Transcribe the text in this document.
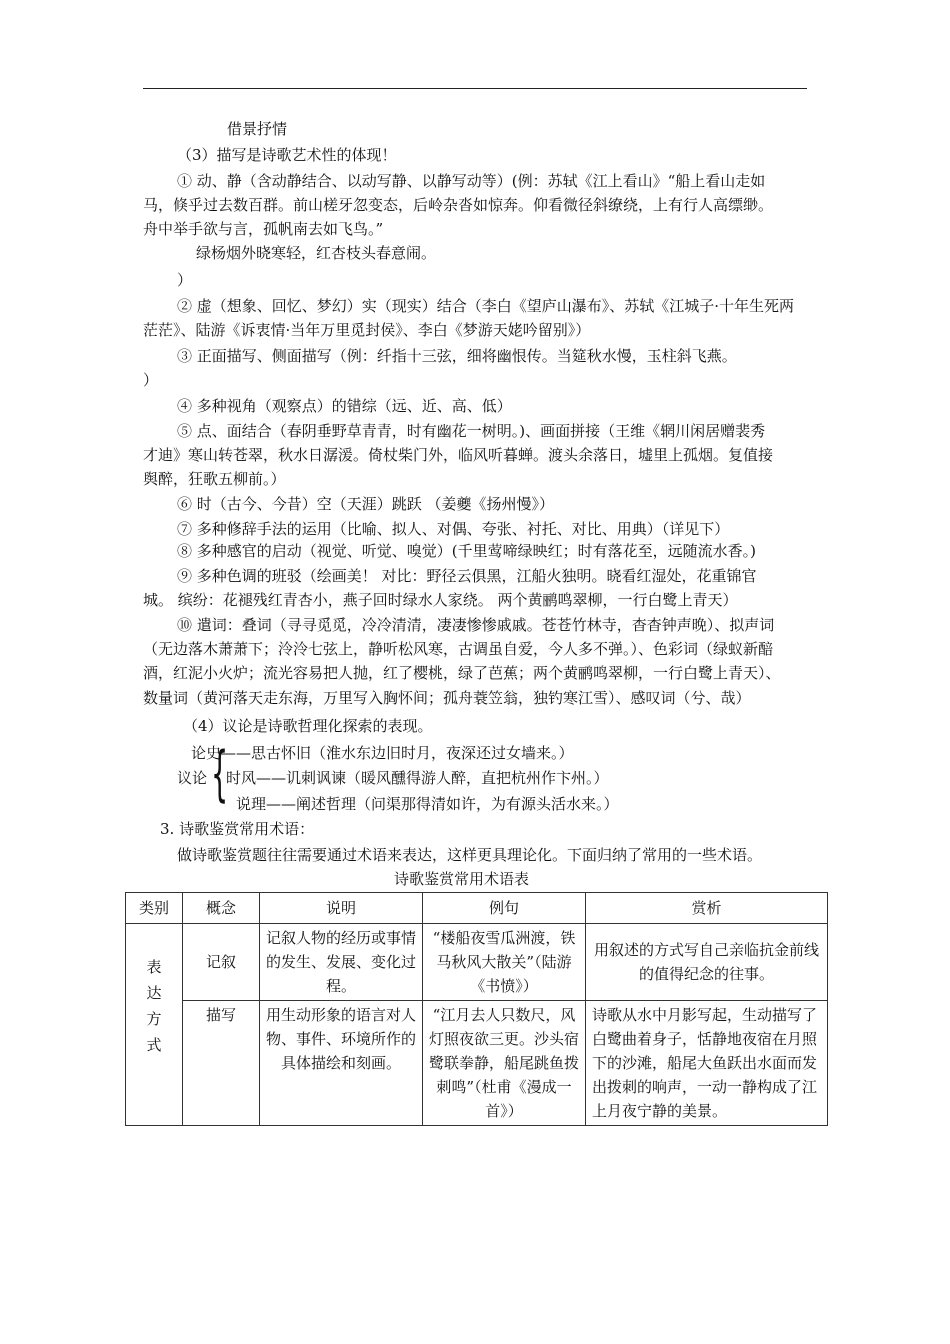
借景抒情
（3）描写是诗歌艺术性的体现！
① 动、静（含动静结合、以动写静、以静写动等）(例：苏轼《江上看山》“船上看山走如
马，倏乎过去数百群。前山槎牙忽变态，后岭杂沓如惊奔。仰看微径斜缭绕，上有行人高缥缈。
舟中举手欲与言，孤帆南去如飞鸟。”
绿杨烟外晓寒轻，红杏枝头春意闹。
）
② 虚（想象、回忆、梦幻）实（现实）结合（李白《望庐山瀑布》、苏轼《江城子·十年生死两
茫茫》、陆游《诉衷情·当年万里觅封侯》、李白《梦游天姥吟留别》）
③ 正面描写、侧面描写（例：纤指十三弦，细将幽恨传。当筵秋水慢，玉柱斜飞燕。
）
④ 多种视角（观察点）的错综（远、近、高、低）
⑤ 点、面结合（春阴垂野草青青，时有幽花一树明。)、画面拼接（王维《辋川闲居赠裴秀
才迪》寒山转苍翠，秋水日潺湲。倚杖柴门外，临风听暮蝉。渡头余落日，墟里上孤烟。复值接
舆醉，狂歌五柳前。）
⑥ 时（古今、今昔）空（天涯）跳跃 （姜夔《扬州慢》）
⑦ 多种修辞手法的运用（比喻、拟人、对偶、夸张、衬托、对比、用典）（详见下）
⑧ 多种感官的启动（视觉、听觉、嗅觉）(千里莺啼绿映红；时有落花至，远随流水香。)
⑨ 多种色调的班驳（绘画美！ 对比：野径云俱黑，江船火独明。晓看红湿处，花重锦官
城。 缤纷：花褪残红青杏小，燕子回时绿水人家绕。 两个黄鹂鸣翠柳，一行白鹭上青天）
⑩ 遣词：叠词（寻寻觅觅，冷冷清清，凄凄惨惨戚戚。苍苍竹林寺，杳杳钟声晚）、拟声词
（无边落木萧萧下；泠泠七弦上，静听松风寒，古调虽自爱，今人多不弹。）、色彩词（绿蚁新醅
酒，红泥小火炉；流光容易把人抛，红了樱桃，绿了芭蕉；两个黄鹂鸣翠柳，一行白鹭上青天）、
数量词（黄河落天走东海，万里写入胸怀间；孤舟蓑笠翁，独钓寒江雪）、感叹词（兮、哉）
（4）议论是诗歌哲理化探索的表现。
论史——思古怀旧（淮水东边旧时月，夜深还过女墙来。）
议论 {
时风——讥刺讽谏（暖风醺得游人醉，直把杭州作卞州。）
说理——阐述哲理（问渠那得清如许，为有源头活水来。）
3. 诗歌鉴赏常用术语：
做诗歌鉴赏题往往需要通过术语来表达，这样更具理论化。下面归纳了常用的一些术语。
诗歌鉴赏常用术语表
类别	概念	说明	例句	赏析
表达方式	记叙	记叙人物的经历或事情的发生、发展、变化过程。	“楼船夜雪瓜洲渡，铁马秋风大散关”（陆游《书愤》）	用叙述的方式写自己亲临抗金前线的值得纪念的往事。
	描写	用生动形象的语言对人物、事件、环境所作的具体描绘和刻画。	“江月去人只数尺，风灯照夜欲三更。沙头宿鹭联拳静，船尾跳鱼拨刺鸣”（杜甫《漫成一首》）	诗歌从水中月影写起，生动描写了白鹭曲着身子，恬静地夜宿在月照下的沙滩，船尾大鱼跃出水面而发出拨刺的响声，一动一静构成了江上月夜宁静的美景。
